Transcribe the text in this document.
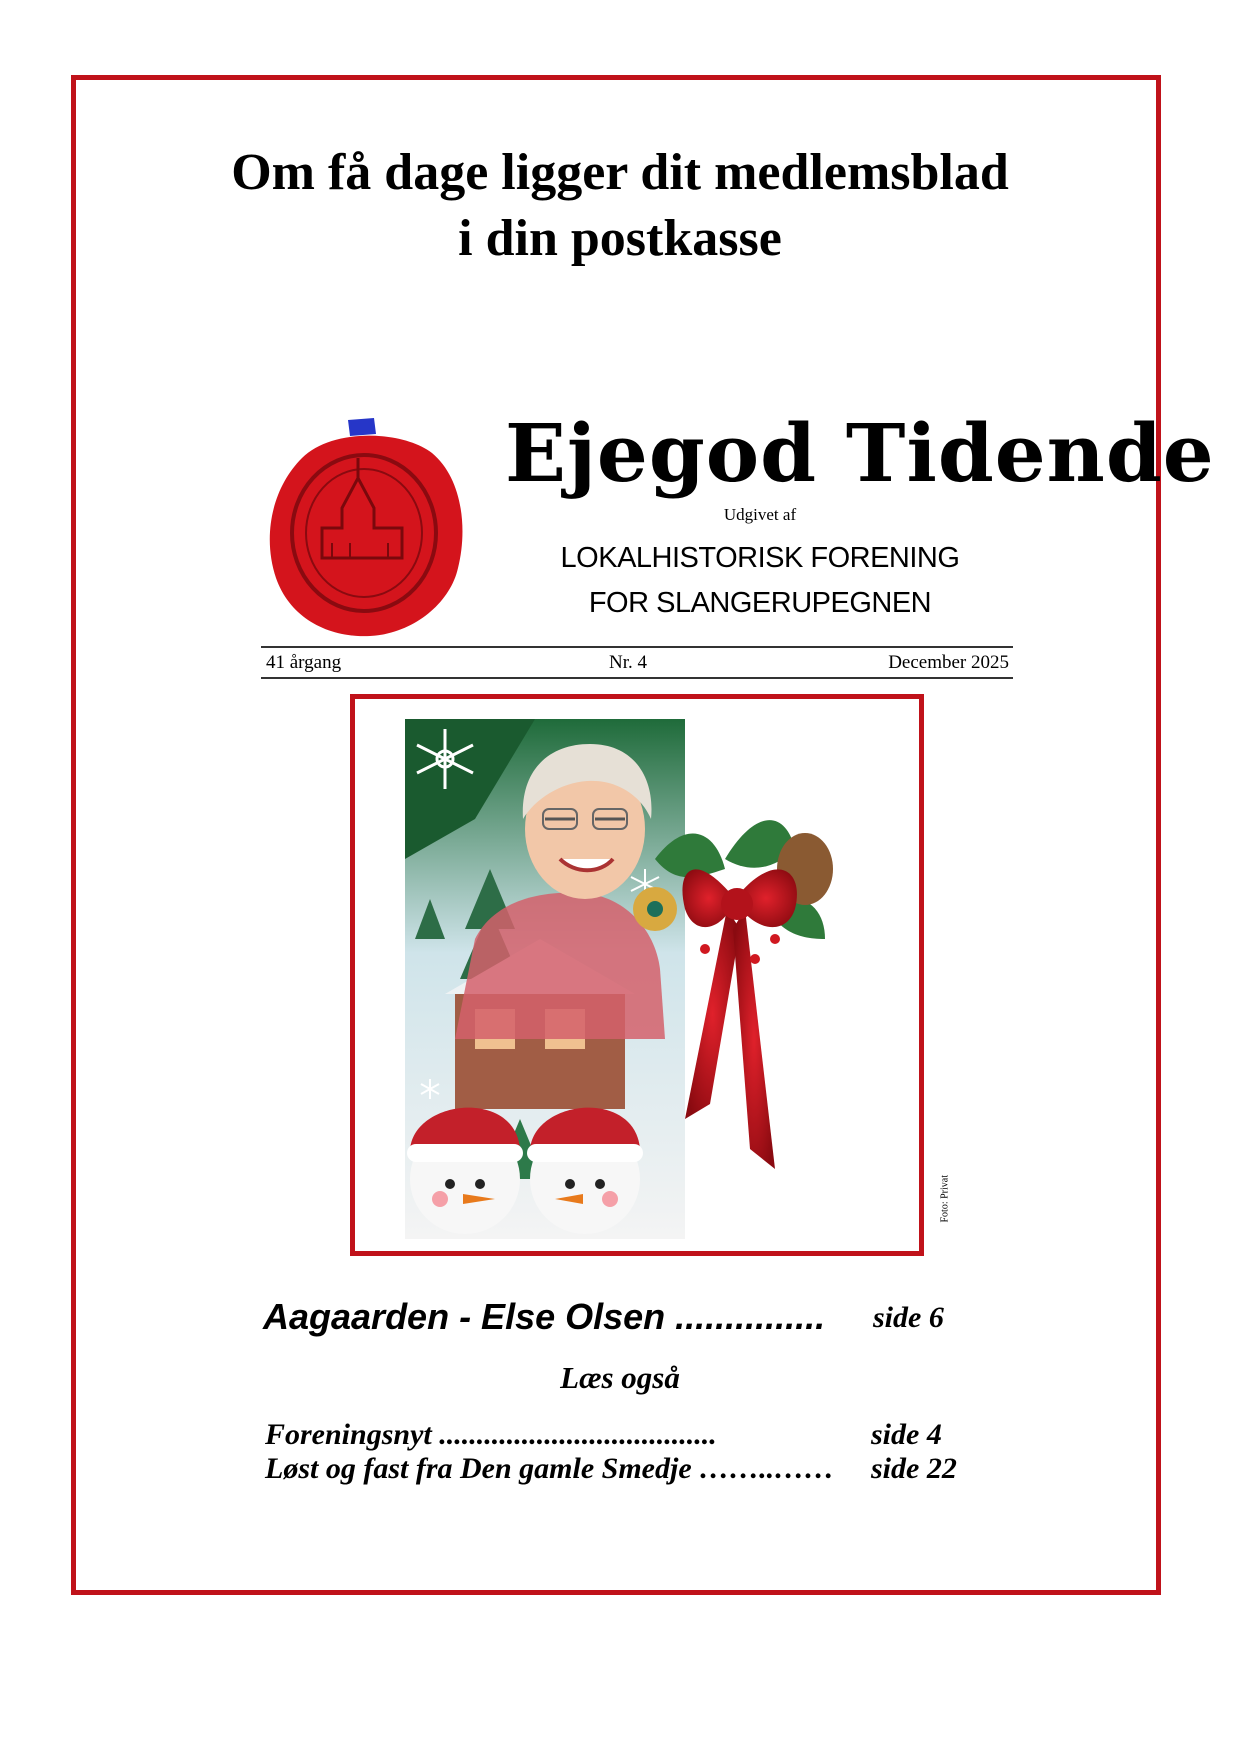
Om få dage ligger dit medlemsblad
i din postkasse
Ejegod Tidende
Udgivet af
LOKALHISTORISK FORENING
FOR SLANGERUPEGNEN
41 årgang	Nr. 4	December 2025
Foto: Privat
Aagaarden - Else Olsen ............... side 6
Læs også
Foreningsnyt .....................................	side 4
Løst og fast fra Den gamle Smedje ……..…… side 22
